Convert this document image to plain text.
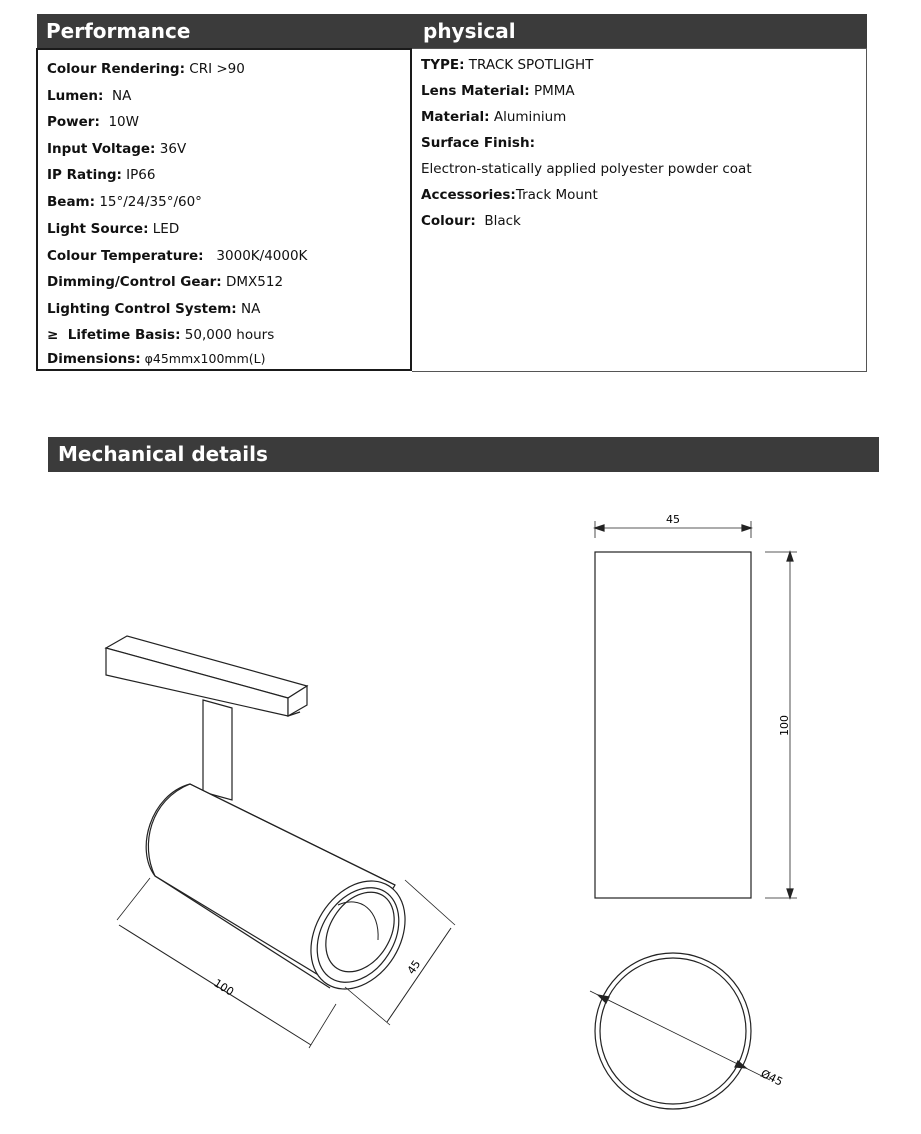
Performance	physical
Colour Rendering: CRI >90
Lumen:  NA
Power:  10W
Input Voltage: 36V
IP Rating: IP66
Beam: 15°/24/35°/60°
Light Source: LED
Colour Temperature:   3000K/4000K
Dimming/Control Gear: DMX512
Lighting Control System: NA
≥  Lifetime Basis: 50,000 hours
Dimensions: φ45mmx100mm(L)
TYPE: TRACK SPOTLIGHT
Lens Material: PMMA
Material: Aluminium
Surface Finish:
Electron-statically applied polyester powder coat
Accessories:Track Mount
Colour:  Black
Mechanical details
100
45
45
100
Ø45
